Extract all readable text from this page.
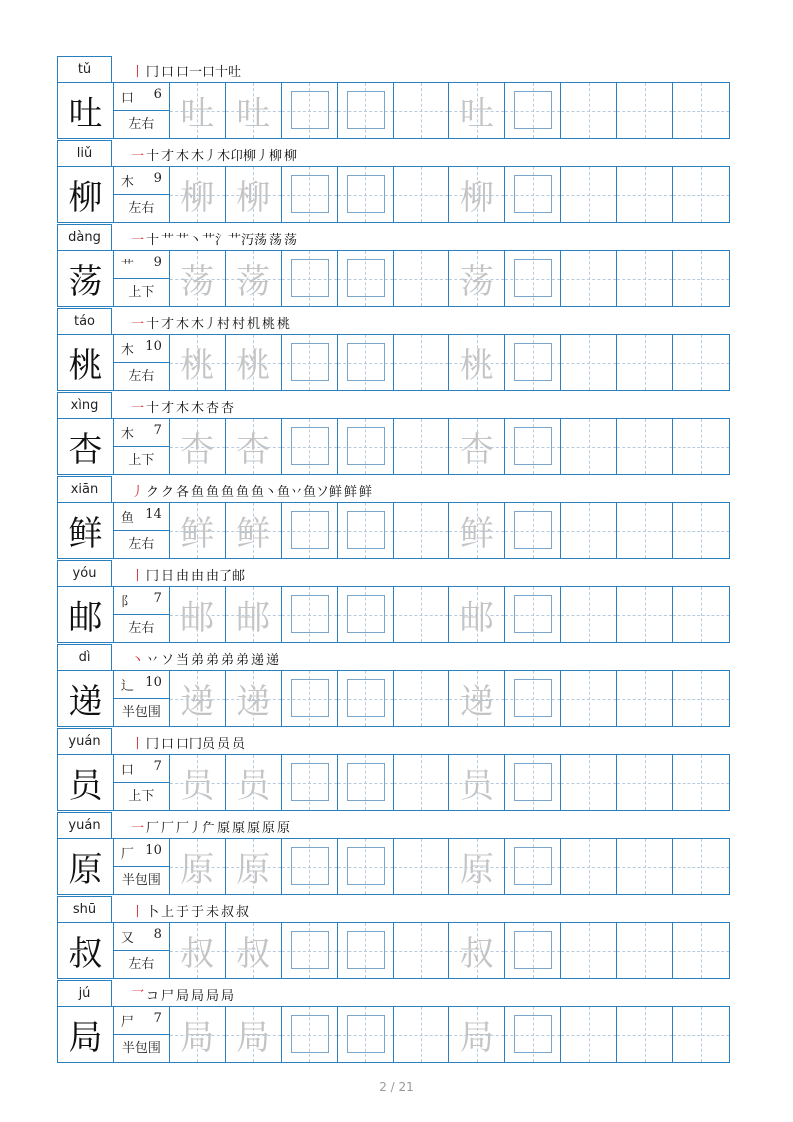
tǔ	丨 冂 口 口一 口十 吐
吐	口 6
左右 吐 吐	吐
liǔ	一 十 才 木 木丿 木卬 柳丿 柳 柳
柳	木 9
左右 柳 柳	柳
dàng	一 十 艹 艹丶 艹氵 艹汅 荡 荡 荡
荡	艹 9
上下 荡 荡	荡
táo	一 十 才 木 木丿 村 村 机 桃 桃
桃	木 10
左右 桃 桃	桃
xìng	一 十 才 木 木 杏 杏
杏	木 7
上下 杏 杏	杏
xiān	丿 ク ク 各 鱼 鱼 鱼 鱼 鱼丶 鱼丷 鱼ソ 鲜 鲜 鲜
鲜	鱼 14
左右 鲜 鲜	鲜
yóu	丨 冂 日 由 由 由了 邮
邮	阝 7
左右 邮 邮	邮
dì	丶 丷 ソ 当 弟 弟 弟 弟 递 递
递	辶 10
半包围 递 递	递
yuán	丨 冂 口 口冂 员 员 员
员	口 7
上下 员 员	员
yuán	一 厂 厂 厂丿 厃 厡 厡 厡 原 原
原	厂 10
半包围 原 原	原
shū	丨 卜 上 于 于 未 叔 叔
叔	又 8
左右 叔 叔	叔
jú	乛 コ 尸 局 局 局 局
局	尸 7
半包围 局 局	局
2 / 21
